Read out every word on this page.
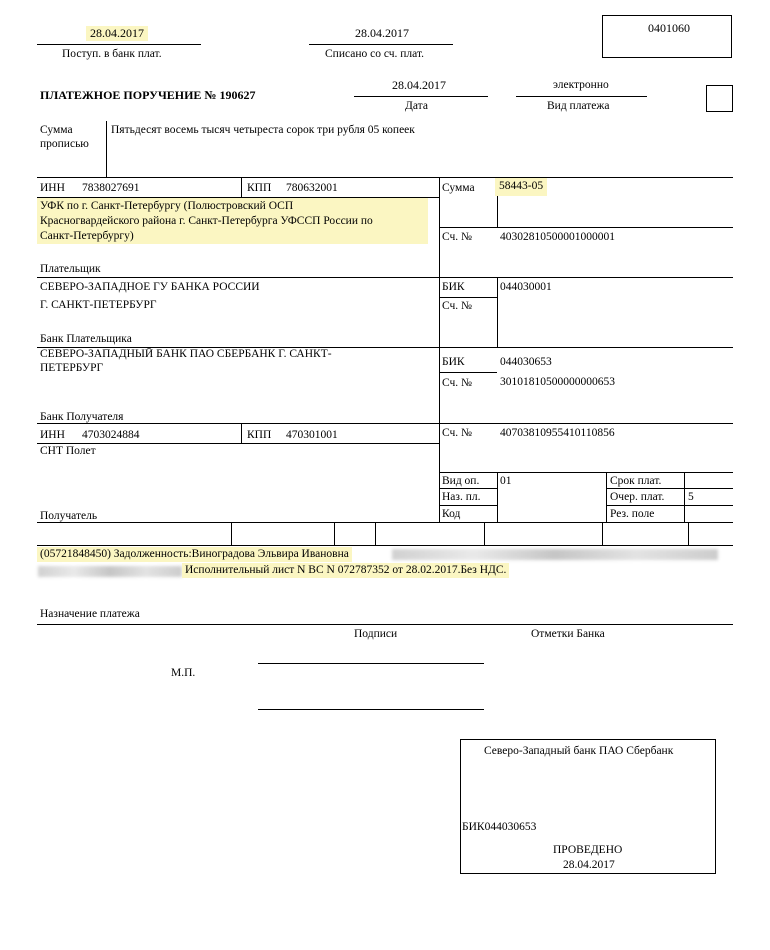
28.04.2017
Поступ. в банк плат.
28.04.2017
Списано со сч. плат.
0401060
ПЛАТЕЖНОЕ ПОРУЧЕНИЕ № 190627
28.04.2017
Дата
электронно
Вид платежа
Сумма
прописью
Пятьдесят восемь тысяч четыреста сорок три рубля 05 копеек
ИНН 7838027691	КПП 780632001
УФК по г. Санкт-Петербургу (Полюстровский ОСП
Красногвардейского района г. Санкт-Петербурга УФССП России по
Санкт-Петербургу)
Плательщик
Сумма	58443-05
Сч. № 40302810500001000001
СЕВЕРО-ЗАПАДНОЕ ГУ БАНКА РОССИИ
Г. САНКТ-ПЕТЕРБУРГ
Банк Плательщика
БИК	044030001
Сч. №
СЕВЕРО-ЗАПАДНЫЙ БАНК ПАО СБЕРБАНК Г. САНКТ-
ПЕТЕРБУРГ
Банк Получателя
БИК	044030653
Сч. № 30101810500000000653
ИНН 4703024884	КПП 470301001
СНТ Полет
Получатель
Сч. № 40703810955410110856
Вид оп. 01
Наз. пл.
Код
Срок плат.
Очер. плат. 5
Рез. поле
(05721848450) Задолженность:Виноградова Эльвира Ивановна
Исполнительный лист N ВС N 072787352 от 28.02.2017.Без НДС.
Назначение платежа
Подписи	Отметки Банка
М.П.
Северо-Западный банк ПАО Сбербанк
БИК044030653
ПРОВЕДЕНО
28.04.2017
